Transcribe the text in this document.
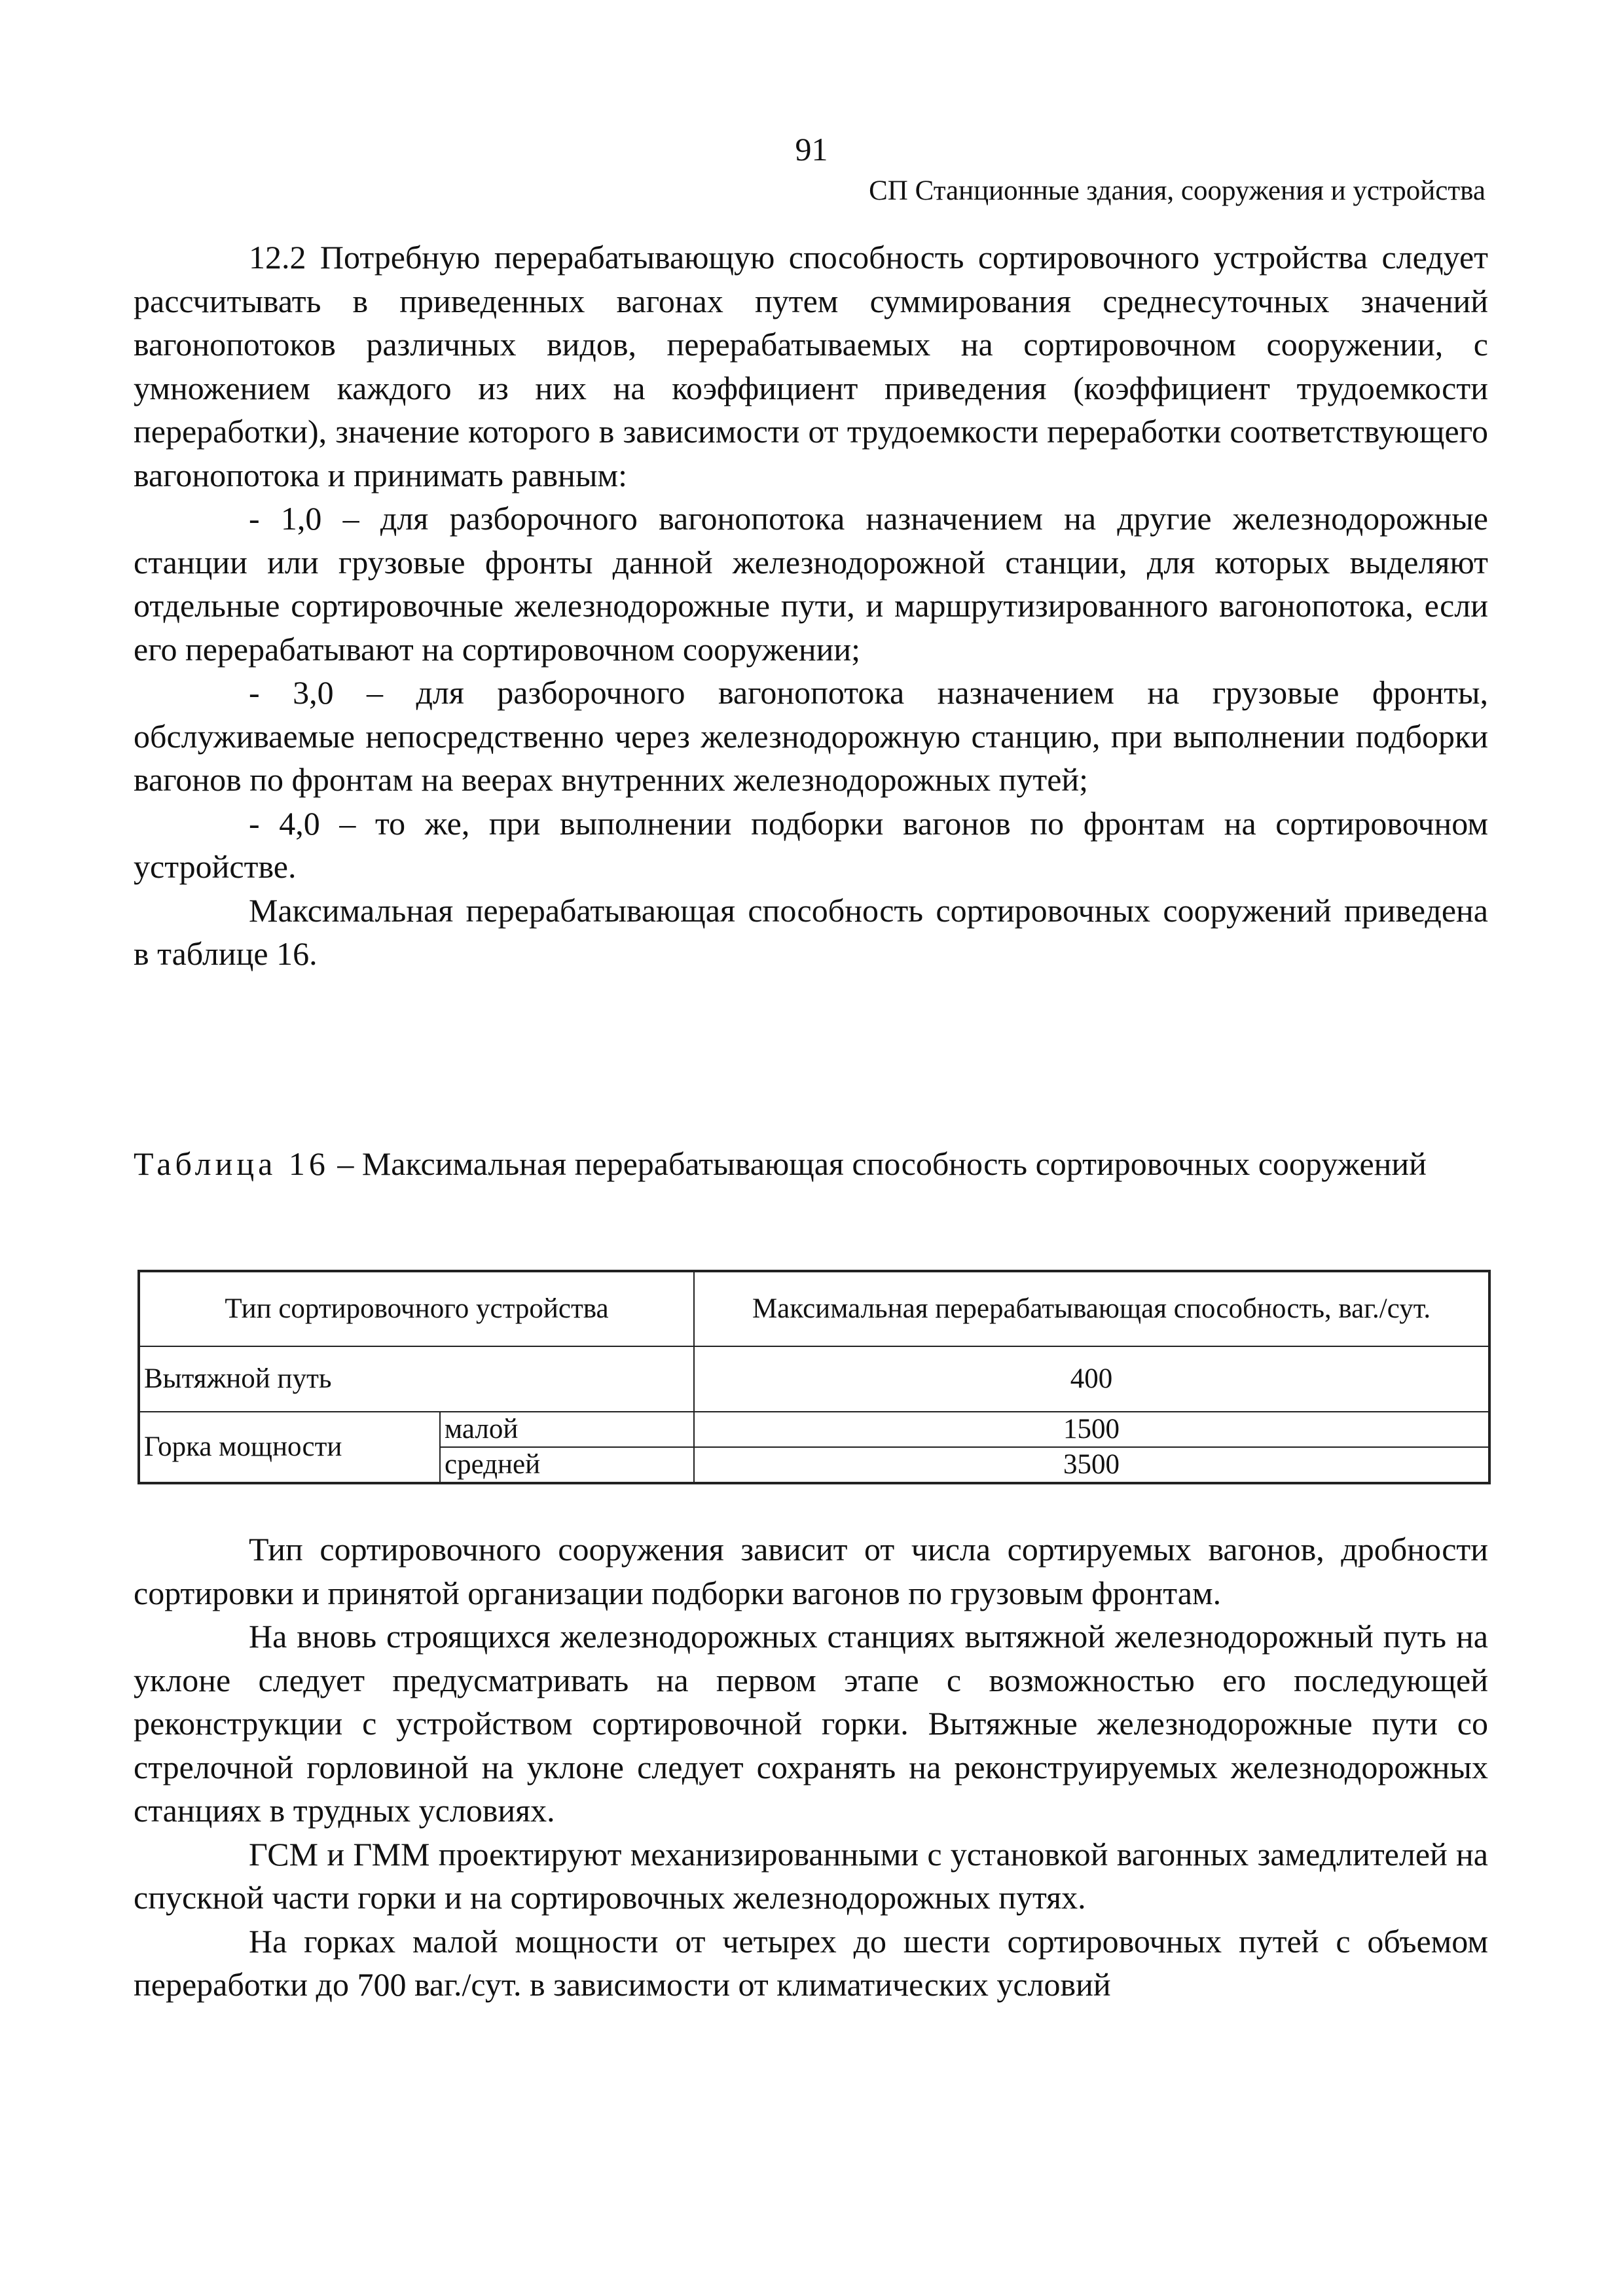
91
СП Станционные здания, сооружения и устройства

12.2 Потребную перерабатывающую способность сортировочного устройства следует рассчитывать в приведенных вагонах путем суммирования среднесуточных значений вагонопотоков различных видов, перерабатываемых на сортировочном сооружении, с умножением каждого из них на коэффициент приведения (коэффициент трудоемкости переработки), значение которого в зависимости от трудоемкости переработки соответствующего вагонопотока и принимать равным:

- 1,0 – для разборочного вагонопотока назначением на другие железнодорожные станции или грузовые фронты данной железнодорожной станции, для которых выделяют отдельные сортировочные железнодорожные пути, и маршрутизированного вагонопотока, если его перерабатывают на сортировочном сооружении;

- 3,0 – для разборочного вагонопотока назначением на грузовые фронты, обслуживаемые непосредственно через железнодорожную станцию, при выполнении подборки вагонов по фронтам на веерах внутренних железнодорожных путей;

- 4,0 – то же, при выполнении подборки вагонов по фронтам на сортировочном устройстве.

Максимальная перерабатывающая способность сортировочных сооружений приведена в таблице 16.

Таблица 16 – Максимальная перерабатывающая способность сортировочных сооружений

Тип сортировочного устройства		Максимальная перерабатывающая способность, ваг./сут.
Вытяжной путь		400
Горка мощности	малой	1500
	средней	3500

Тип сортировочного сооружения зависит от числа сортируемых вагонов, дробности сортировки и принятой организации подборки вагонов по грузовым фронтам.

На вновь строящихся железнодорожных станциях вытяжной железнодорожный путь на уклоне следует предусматривать на первом этапе с возможностью его последующей реконструкции с устройством сортировочной горки. Вытяжные железнодорожные пути со стрелочной горловиной на уклоне следует сохранять на реконструируемых железнодорожных станциях в трудных условиях.

ГСМ и ГММ проектируют механизированными с установкой вагонных замедлителей на спускной части горки и на сортировочных железнодорожных путях.

На горках малой мощности от четырех до шести сортировочных путей с объемом переработки до 700 ваг./сут. в зависимости от климатических условий
